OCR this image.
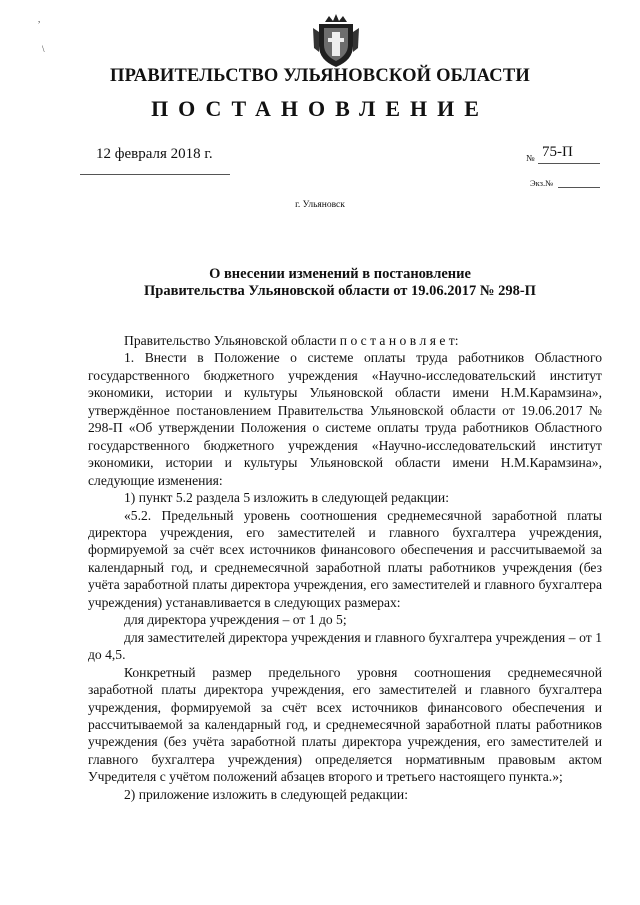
,
\
ПРАВИТЕЛЬСТВО УЛЬЯНОВСКОЙ ОБЛАСТИ
ПОСТАНОВЛЕНИЕ
12 февраля 2018 г.	№ 75-П
Экз.№
г. Ульяновск
О внесении изменений в постановление
Правительства Ульяновской области от 19.06.2017 № 298-П

Правительство Ульяновской области п о с т а н о в л я е т:

1. Внести в Положение о системе оплаты труда работников Областного государственного бюджетного учреждения «Научно-исследовательский институт экономики, истории и культуры Ульяновской области имени Н.М.Карамзина», утверждённое постановлением Правительства Ульяновской области от 19.06.2017 № 298-П «Об утверждении Положения о системе оплаты труда работников Областного государственного бюджетного учреждения «Научно-исследовательский институт экономики, истории и культуры Ульяновской области имени Н.М.Карамзина», следующие изменения:

1) пункт 5.2 раздела 5 изложить в следующей редакции:

«5.2. Предельный уровень соотношения среднемесячной заработной платы директора учреждения, его заместителей и главного бухгалтера учреждения, формируемой за счёт всех источников финансового обеспечения и рассчитываемой за календарный год, и среднемесячной заработной платы работников учреждения (без учёта заработной платы директора учреждения, его заместителей и главного бухгалтера учреждения) устанавливается в следующих размерах:

для директора учреждения – от 1 до 5;

для заместителей директора учреждения и главного бухгалтера учреждения – от 1 до 4,5.

Конкретный размер предельного уровня соотношения среднемесячной заработной платы директора учреждения, его заместителей и главного бухгалтера учреждения, формируемой за счёт всех источников финансового обеспечения и рассчитываемой за календарный год, и среднемесячной заработной платы работников учреждения (без учёта заработной платы директора учреждения, его заместителей и главного бухгалтера учреждения) определяется нормативным правовым актом Учредителя с учётом положений абзацев второго и третьего настоящего пункта.»;

2) приложение изложить в следующей редакции:
